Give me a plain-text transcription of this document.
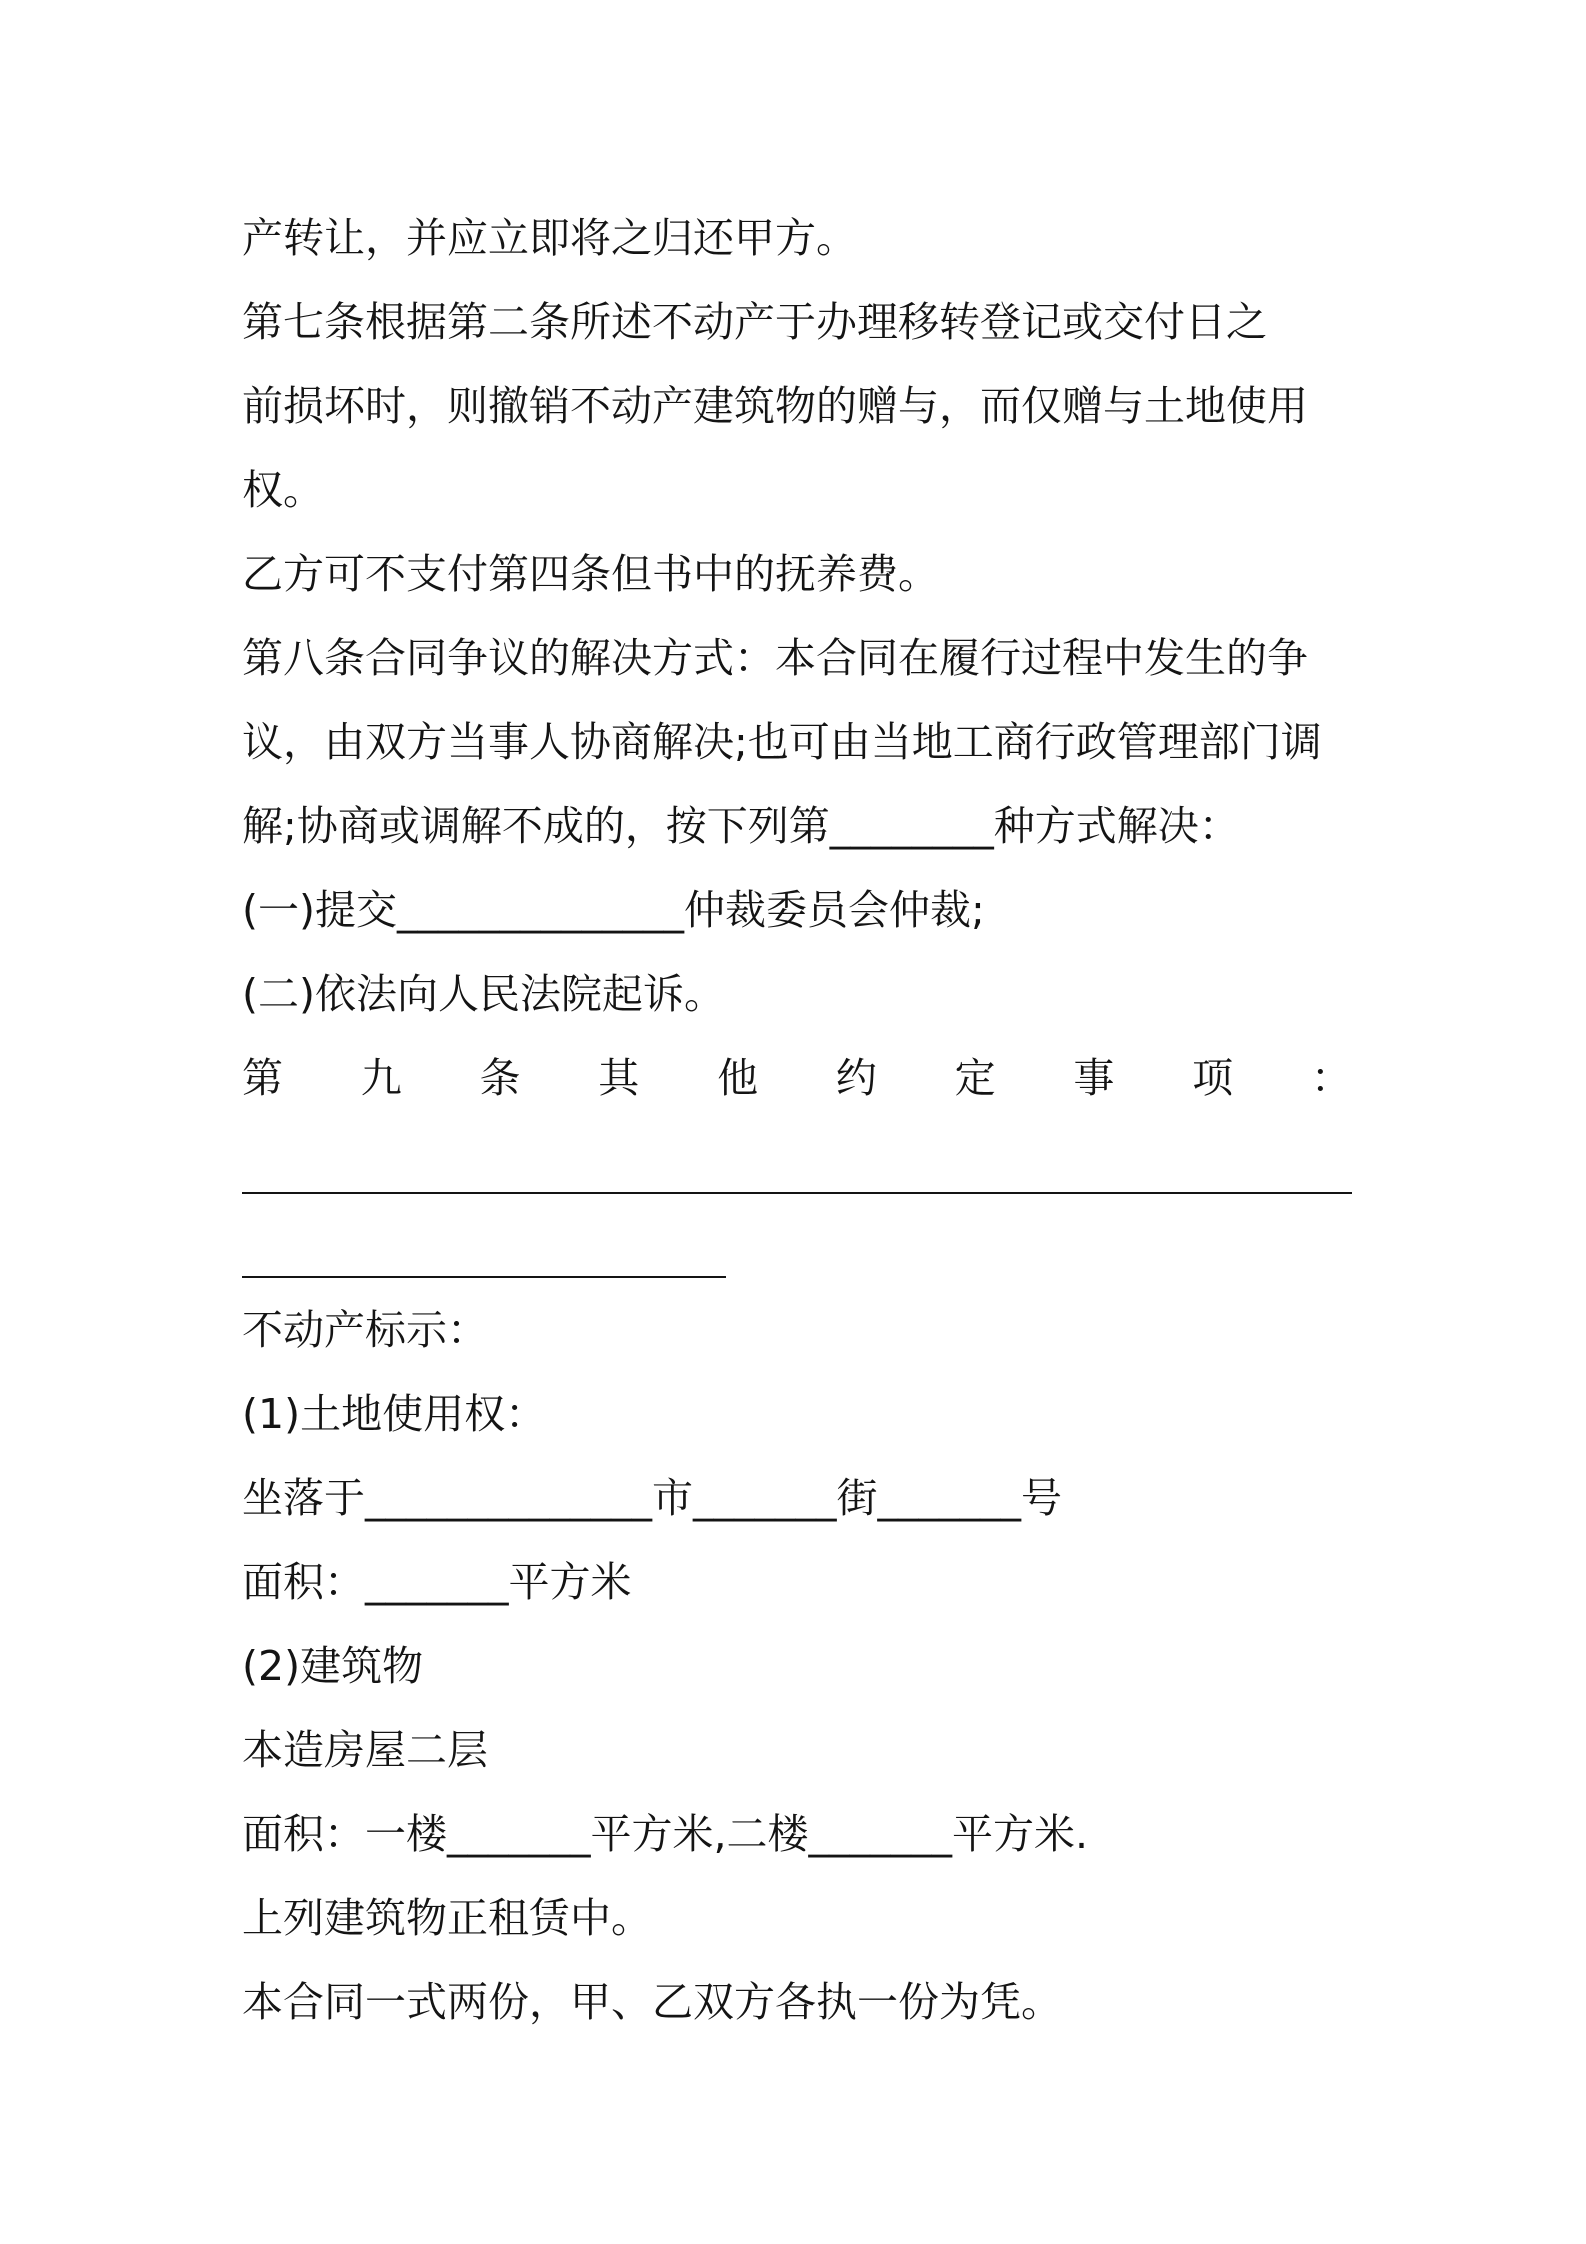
产转让，并应立即将之归还甲方。
第七条根据第二条所述不动产于办理移转登记或交付日之
前损坏时，则撤销不动产建筑物的赠与，而仅赠与土地使用
权。
乙方可不支付第四条但书中的抚养费。
第八条合同争议的解决方式：本合同在履行过程中发生的争
议，由双方当事人协商解决;也可由当地工商行政管理部门调
解;协商或调解不成的，按下列第________种方式解决：
(一)提交______________仲裁委员会仲裁;
(二)依法向人民法院起诉。
第 九 条 其 他 约 定 事 项 ：
不动产标示：
(1)土地使用权：
坐落于______________市_______街_______号
面积：_______平方米
(2)建筑物
本造房屋二层
面积：一楼_______平方米,二楼_______平方米.
上列建筑物正租赁中。
本合同一式两份，甲、乙双方各执一份为凭。
